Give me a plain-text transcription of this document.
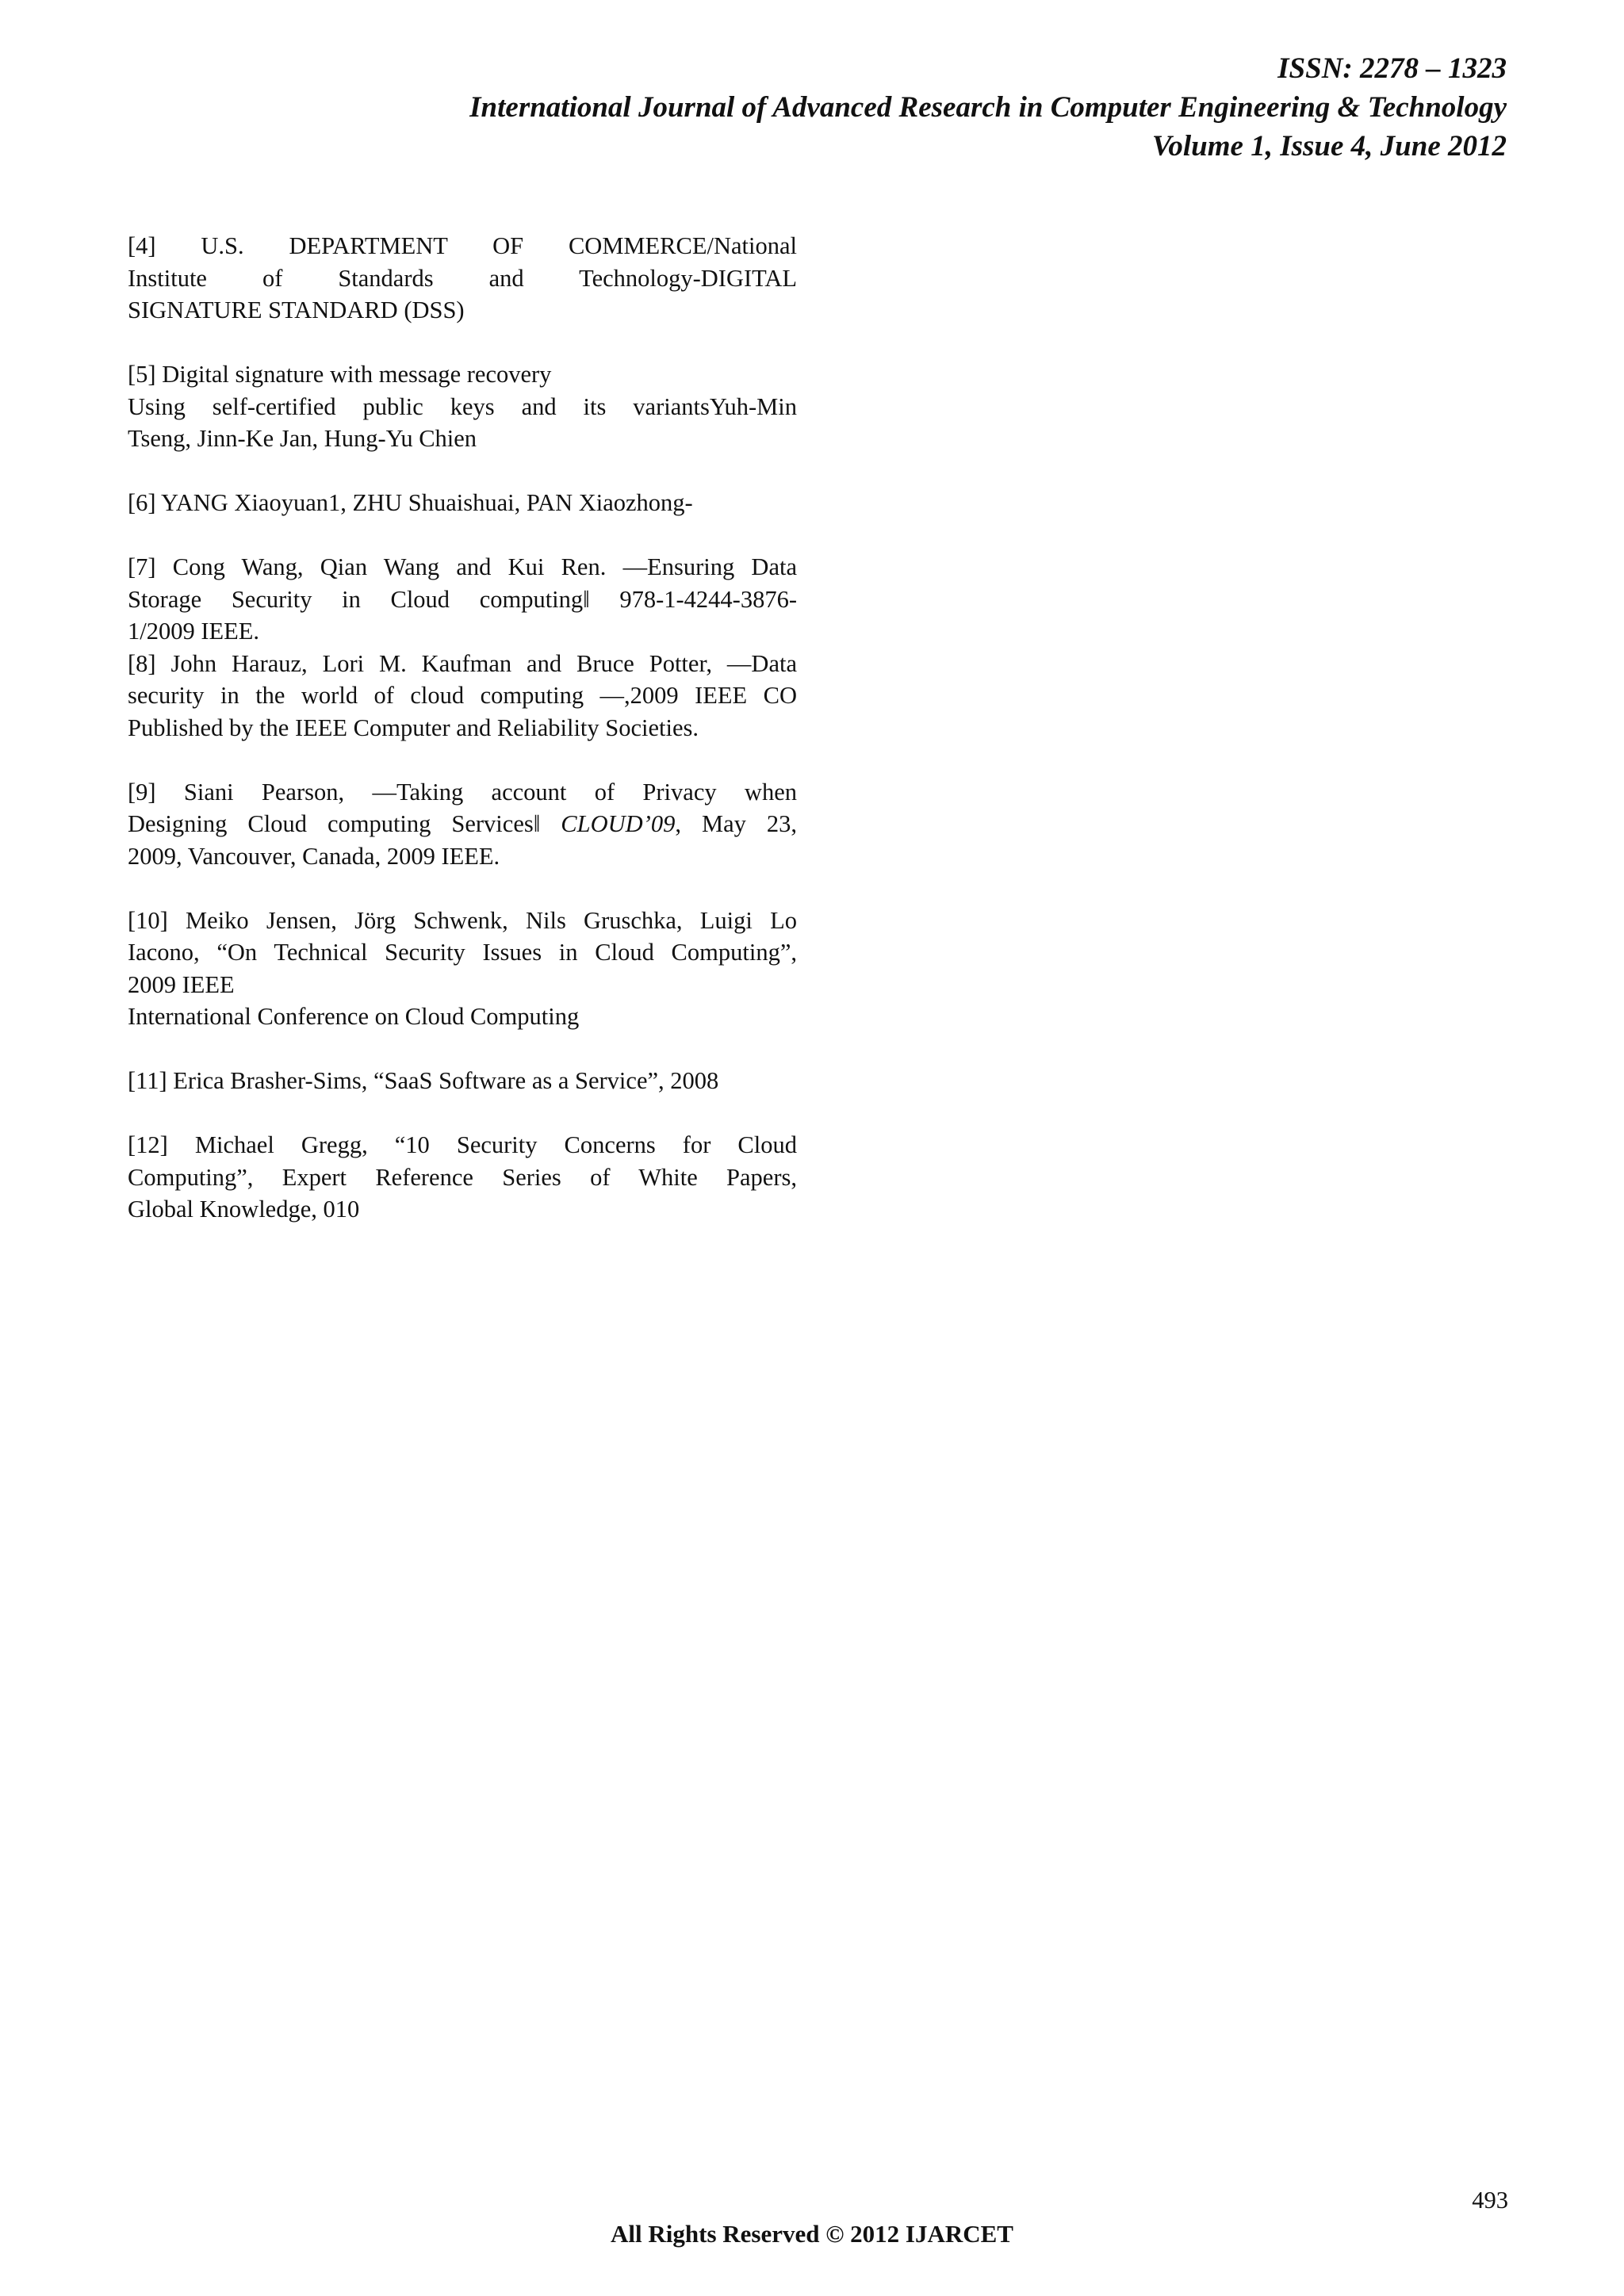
ISSN: 2278 – 1323
International Journal of Advanced Research in Computer Engineering & Technology
Volume 1, Issue 4, June 2012
[4] U.S. DEPARTMENT OF COMMERCE/National
Institute of Standards and Technology-DIGITAL
SIGNATURE STANDARD (DSS)
[5] Digital signature with message recovery
Using self-certified public keys and its variantsYuh-Min
Tseng, Jinn-Ke Jan, Hung-Yu Chien
[6] YANG Xiaoyuan1, ZHU Shuaishuai, PAN Xiaozhong-
[7] Cong Wang, Qian Wang and Kui Ren. ―Ensuring Data
Storage Security in Cloud computing‖ 978-1-4244-3876-
1/2009 IEEE.
[8] John Harauz, Lori M. Kaufman and Bruce Potter, ―Data
security in the world of cloud computing ―,2009 IEEE CO
Published by the IEEE Computer and Reliability Societies.
[9] Siani Pearson, ―Taking account of Privacy when
Designing Cloud computing Services‖ CLOUD’09, May 23,
2009, Vancouver, Canada, 2009 IEEE.
[10] Meiko Jensen, Jörg Schwenk, Nils Gruschka, Luigi Lo
Iacono, “On Technical Security Issues in Cloud Computing”,
2009 IEEE
International Conference on Cloud Computing
[11] Erica Brasher-Sims, “SaaS Software as a Service”, 2008
[12] Michael Gregg, “10 Security Concerns for Cloud
Computing”, Expert Reference Series of White Papers,
Global Knowledge, 010
493
All Rights Reserved © 2012 IJARCET
